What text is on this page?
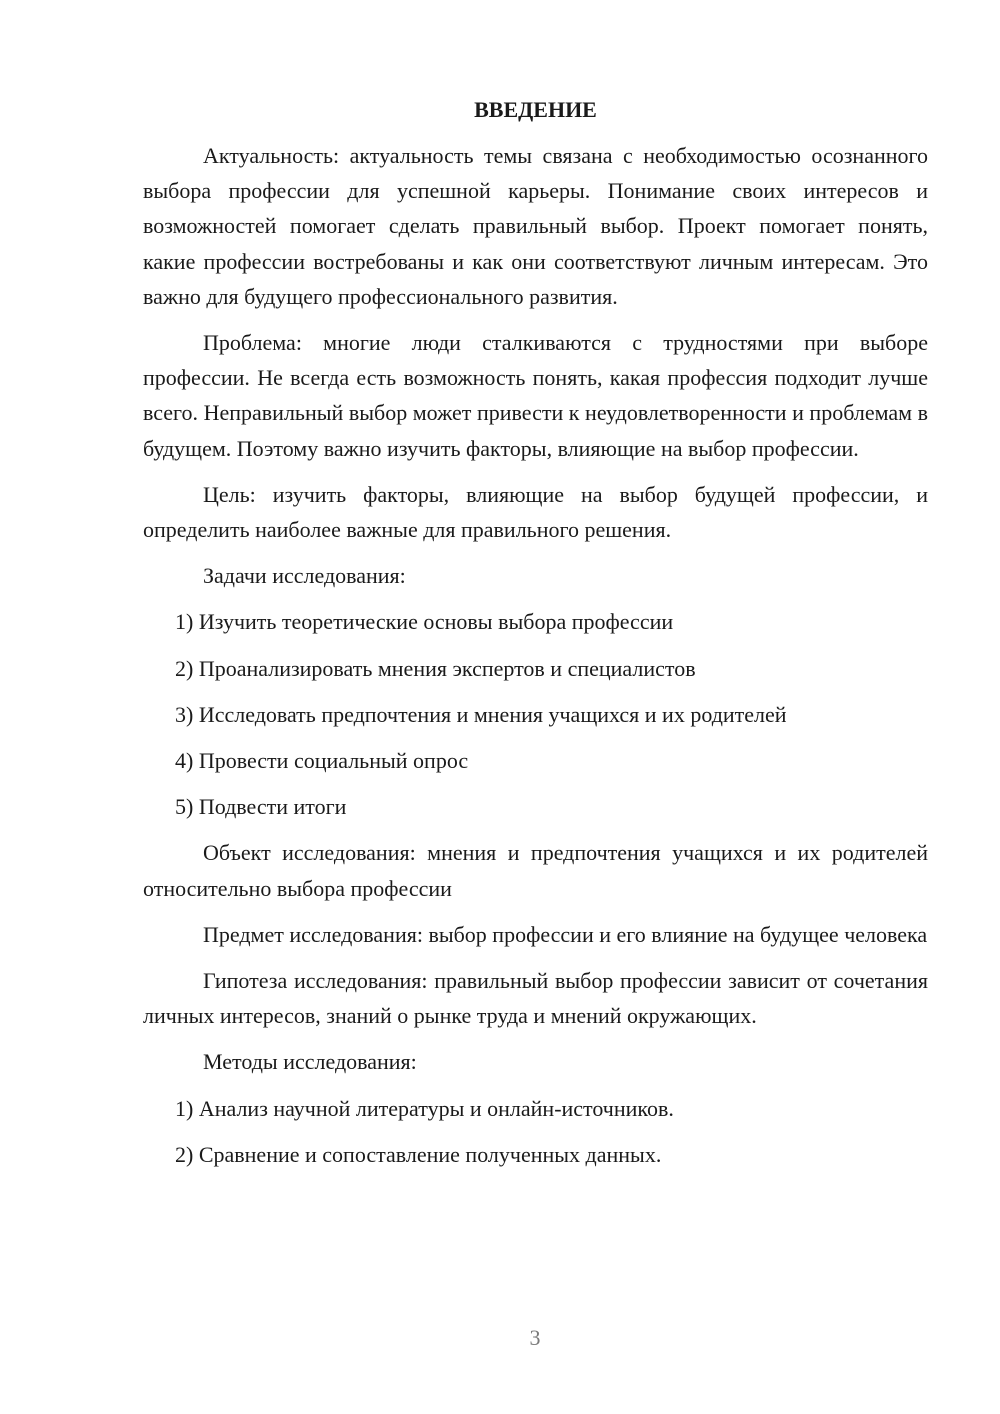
ВВЕДЕНИЕ

Актуальность: актуальность темы связана с необходимостью осознанного выбора профессии для успешной карьеры. Понимание своих интересов и возможностей помогает сделать правильный выбор. Проект помогает понять, какие профессии востребованы и как они соответствуют личным интересам. Это важно для будущего профессионального развития.

Проблема: многие люди сталкиваются с трудностями при выборе профессии. Не всегда есть возможность понять, какая профессия подходит лучше всего. Неправильный выбор может привести к неудовлетворенности и проблемам в будущем. Поэтому важно изучить факторы, влияющие на выбор профессии.

Цель: изучить факторы, влияющие на выбор будущей профессии, и определить наиболее важные для правильного решения.

Задачи исследования:

1) Изучить теоретические основы выбора профессии

2) Проанализировать мнения экспертов и специалистов

3) Исследовать предпочтения и мнения учащихся и их родителей

4) Провести социальный опрос

5) Подвести итоги

Объект исследования: мнения и предпочтения учащихся и их родителей относительно выбора профессии

Предмет исследования: выбор профессии и его влияние на будущее человека

Гипотеза исследования: правильный выбор профессии зависит от сочетания личных интересов, знаний о рынке труда и мнений окружающих.

Методы исследования:

1) Анализ научной литературы и онлайн-источников.

2) Сравнение и сопоставление полученных данных.

3
